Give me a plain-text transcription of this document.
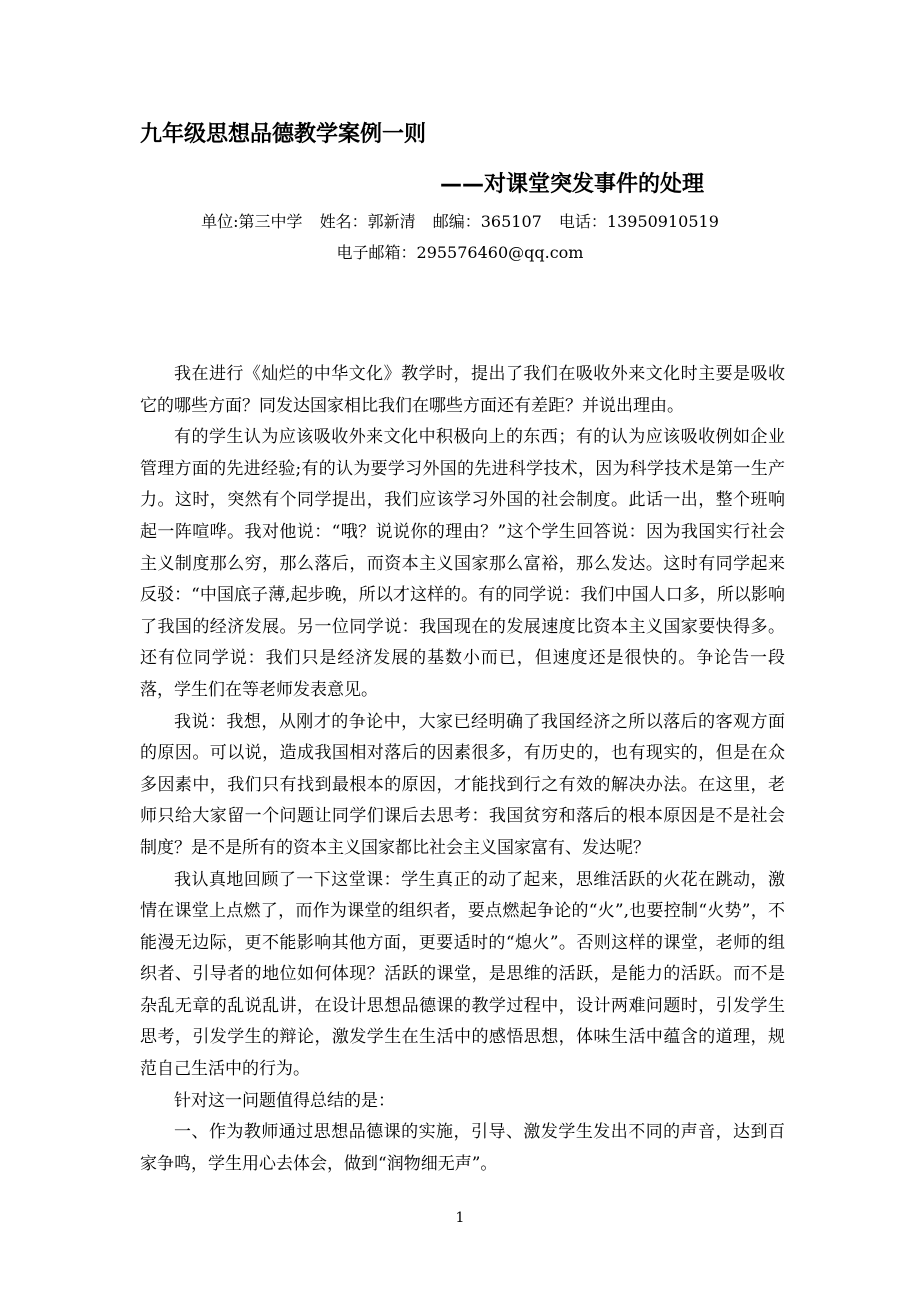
九年级思想品德教学案例一则
——对课堂突发事件的处理
单位:第三中学 姓名：郭新清 邮编：365107 电话：13950910519
电子邮箱：295576460@qq.com

我在进行《灿烂的中华文化》教学时，提出了我们在吸收外来文化时主要是吸收它的哪些方面？同发达国家相比我们在哪些方面还有差距？并说出理由。

有的学生认为应该吸收外来文化中积极向上的东西；有的认为应该吸收例如企业管理方面的先进经验;有的认为要学习外国的先进科学技术，因为科学技术是第一生产力。这时，突然有个同学提出，我们应该学习外国的社会制度。此话一出，整个班响起一阵喧哗。我对他说：“哦？说说你的理由？”这个学生回答说：因为我国实行社会主义制度那么穷，那么落后，而资本主义国家那么富裕，那么发达。这时有同学起来反驳：“中国底子薄,起步晚，所以才这样的。有的同学说：我们中国人口多，所以影响了我国的经济发展。另一位同学说：我国现在的发展速度比资本主义国家要快得多。还有位同学说：我们只是经济发展的基数小而已，但速度还是很快的。争论告一段落，学生们在等老师发表意见。

我说：我想，从刚才的争论中，大家已经明确了我国经济之所以落后的客观方面的原因。可以说，造成我国相对落后的因素很多，有历史的，也有现实的，但是在众多因素中，我们只有找到最根本的原因，才能找到行之有效的解决办法。在这里，老师只给大家留一个问题让同学们课后去思考：我国贫穷和落后的根本原因是不是社会制度？是不是所有的资本主义国家都比社会主义国家富有、发达呢？

我认真地回顾了一下这堂课：学生真正的动了起来，思维活跃的火花在跳动，激情在课堂上点燃了，而作为课堂的组织者，要点燃起争论的“火”,也要控制“火势”，不能漫无边际，更不能影响其他方面，更要适时的“熄火”。否则这样的课堂，老师的组织者、引导者的地位如何体现？活跃的课堂，是思维的活跃，是能力的活跃。而不是杂乱无章的乱说乱讲，在设计思想品德课的教学过程中，设计两难问题时，引发学生思考，引发学生的辩论，激发学生在生活中的感悟思想，体味生活中蕴含的道理，规范自己生活中的行为。

针对这一问题值得总结的是：

一、作为教师通过思想品德课的实施，引导、激发学生发出不同的声音，达到百家争鸣，学生用心去体会，做到“润物细无声”。

1
